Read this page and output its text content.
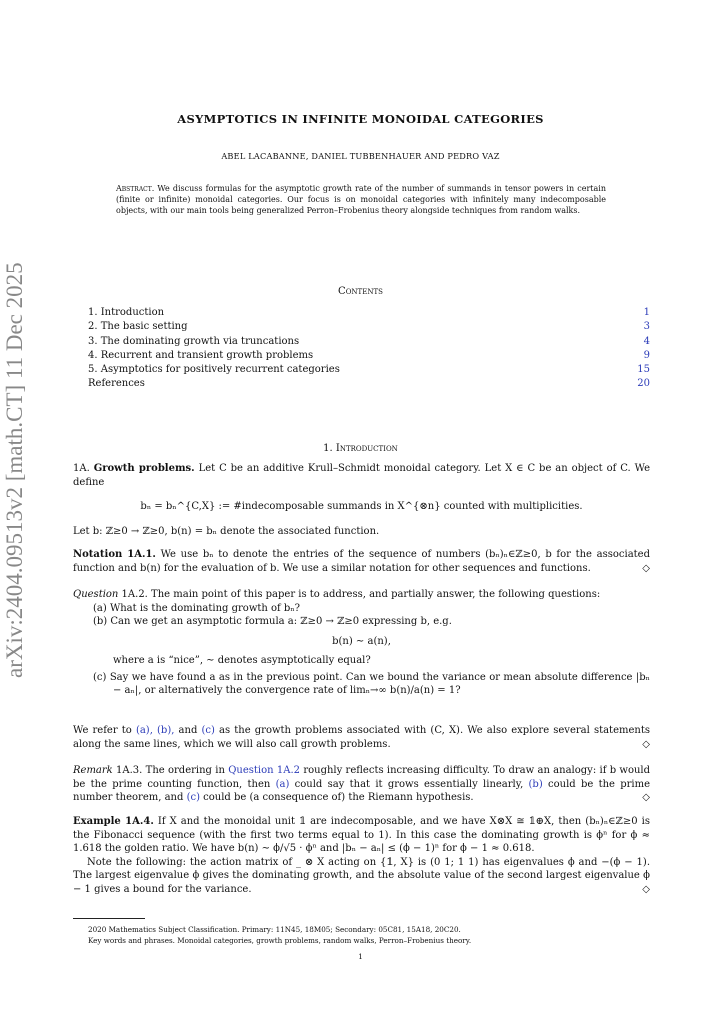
arXiv:2404.09513v2 [math.CT] 11 Dec 2025
ASYMPTOTICS IN INFINITE MONOIDAL CATEGORIES
ABEL LACABANNE, DANIEL TUBBENHAUER AND PEDRO VAZ
Abstract. We discuss formulas for the asymptotic growth rate of the number of summands in tensor powers in certain (finite or infinite) monoidal categories. Our focus is on monoidal categories with infinitely many indecomposable objects, with our main tools being generalized Perron–Frobenius theory alongside techniques from random walks.
Contents
1. Introduction	1
2. The basic setting	3
3. The dominating growth via truncations	4
4. Recurrent and transient growth problems	9
5. Asymptotics for positively recurrent categories	15
References	20
1. Introduction
1A. Growth problems. Let C be an additive Krull–Schmidt monoidal category. Let X ∈ C be an object of C. We define
bₙ = bₙ^{C,X} := #indecomposable summands in X^{⊗n} counted with multiplicities.
Let b: ℤ≥0 → ℤ≥0, b(n) = bₙ denote the associated function.
Notation 1A.1. We use bₙ to denote the entries of the sequence of numbers (bₙ)ₙ∈ℤ≥0, b for the associated function and b(n) for the evaluation of b. We use a similar notation for other sequences and functions.	◇
Question 1A.2. The main point of this paper is to address, and partially answer, the following questions:
(a) What is the dominating growth of bₙ?
(b) Can we get an asymptotic formula a: ℤ≥0 → ℤ≥0 expressing b, e.g.
b(n) ∼ a(n),
where a is “nice”, ∼ denotes asymptotically equal?
(c) Say we have found a as in the previous point. Can we bound the variance or mean absolute difference |bₙ − aₙ|, or alternatively the convergence rate of limₙ→∞ b(n)/a(n) = 1?
We refer to (a), (b), and (c) as the growth problems associated with (C, X). We also explore several statements along the same lines, which we will also call growth problems.	◇
Remark 1A.3. The ordering in Question 1A.2 roughly reflects increasing difficulty. To draw an analogy: if b would be the prime counting function, then (a) could say that it grows essentially linearly, (b) could be the prime number theorem, and (c) could be (a consequence of) the Riemann hypothesis.	◇
Example 1A.4. If X and the monoidal unit 𝟙 are indecomposable, and we have X⊗X ≅ 𝟙⊕X, then (bₙ)ₙ∈ℤ≥0 is the Fibonacci sequence (with the first two terms equal to 1). In this case the dominating growth is ϕⁿ for ϕ ≈ 1.618 the golden ratio. We have b(n) ∼ ϕ/√5 · ϕⁿ and |bₙ − aₙ| ≤ (ϕ − 1)ⁿ for ϕ − 1 ≈ 0.618.
Note the following: the action matrix of _ ⊗ X acting on {𝟙, X} is (0 1; 1 1) has eigenvalues ϕ and −(ϕ − 1). The largest eigenvalue ϕ gives the dominating growth, and the absolute value of the second largest eigenvalue ϕ − 1 gives a bound for the variance.	◇
2020 Mathematics Subject Classification. Primary: 11N45, 18M05; Secondary: 05C81, 15A18, 20C20.
Key words and phrases. Monoidal categories, growth problems, random walks, Perron–Frobenius theory.
1
